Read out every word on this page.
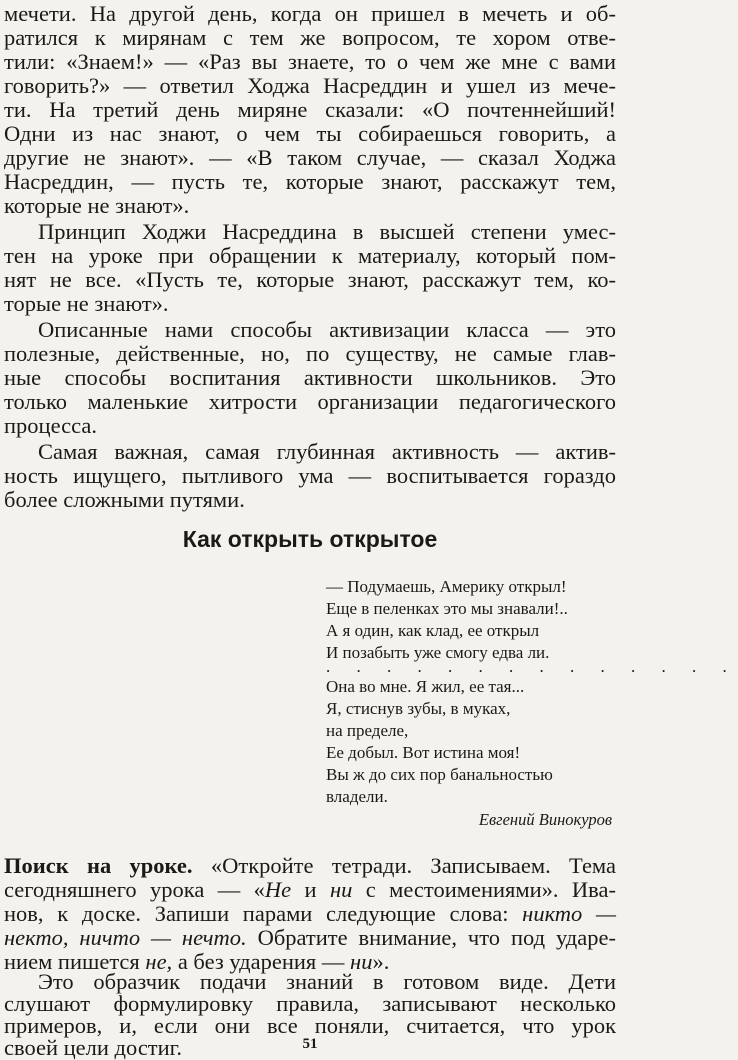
мечети. На другой день, когда он пришел в мечеть и об-
ратился к мирянам с тем же вопросом, те хором отве-
тили: «Знаем!» — «Раз вы знаете, то о чем же мне с вами
говорить?» — ответил Ходжа Насреддин и ушел из мече-
ти. На третий день миряне сказали: «О почтеннейший!
Одни из нас знают, о чем ты собираешься говорить, а
другие не знают». — «В таком случае, — сказал Ходжа
Насреддин, — пусть те, которые знают, расскажут тем,
которые не знают».
Принцип Ходжи Насреддина в высшей степени умес-
тен на уроке при обращении к материалу, который пом-
нят не все. «Пусть те, которые знают, расскажут тем, ко-
торые не знают».
Описанные нами способы активизации класса — это
полезные, действенные, но, по существу, не самые глав-
ные способы воспитания активности школьников. Это
только маленькие хитрости организации педагогического
процесса.
Самая важная, самая глубинная активность — актив-
ность ищущего, пытливого ума — воспитывается гораздо
более сложными путями.
Как открыть открытое
— Подумаешь, Америку открыл!
Еще в пеленках это мы знавали!..
А я один, как клад, ее открыл
И позабыть уже смогу едва ли.
. . . . . . . . . . . . . .
Она во мне. Я жил, ее тая...
Я, стиснув зубы, в муках,
на пределе,
Ее добыл. Вот истина моя!
Вы ж до сих пор банальностью
владели.
Евгений Винокуров
Поиск на уроке. «Откройте тетради. Записываем. Тема
сегодняшнего урока — «Не и ни с местоимениями». Ива-
нов, к доске. Запиши парами следующие слова: никто —
некто, ничто — нечто. Обратите внимание, что под ударе-
нием пишется не, а без ударения — ни».
Это образчик подачи знаний в готовом виде. Дети
слушают формулировку правила, записывают несколько
примеров, и, если они все поняли, считается, что урок
своей цели достиг.	51
